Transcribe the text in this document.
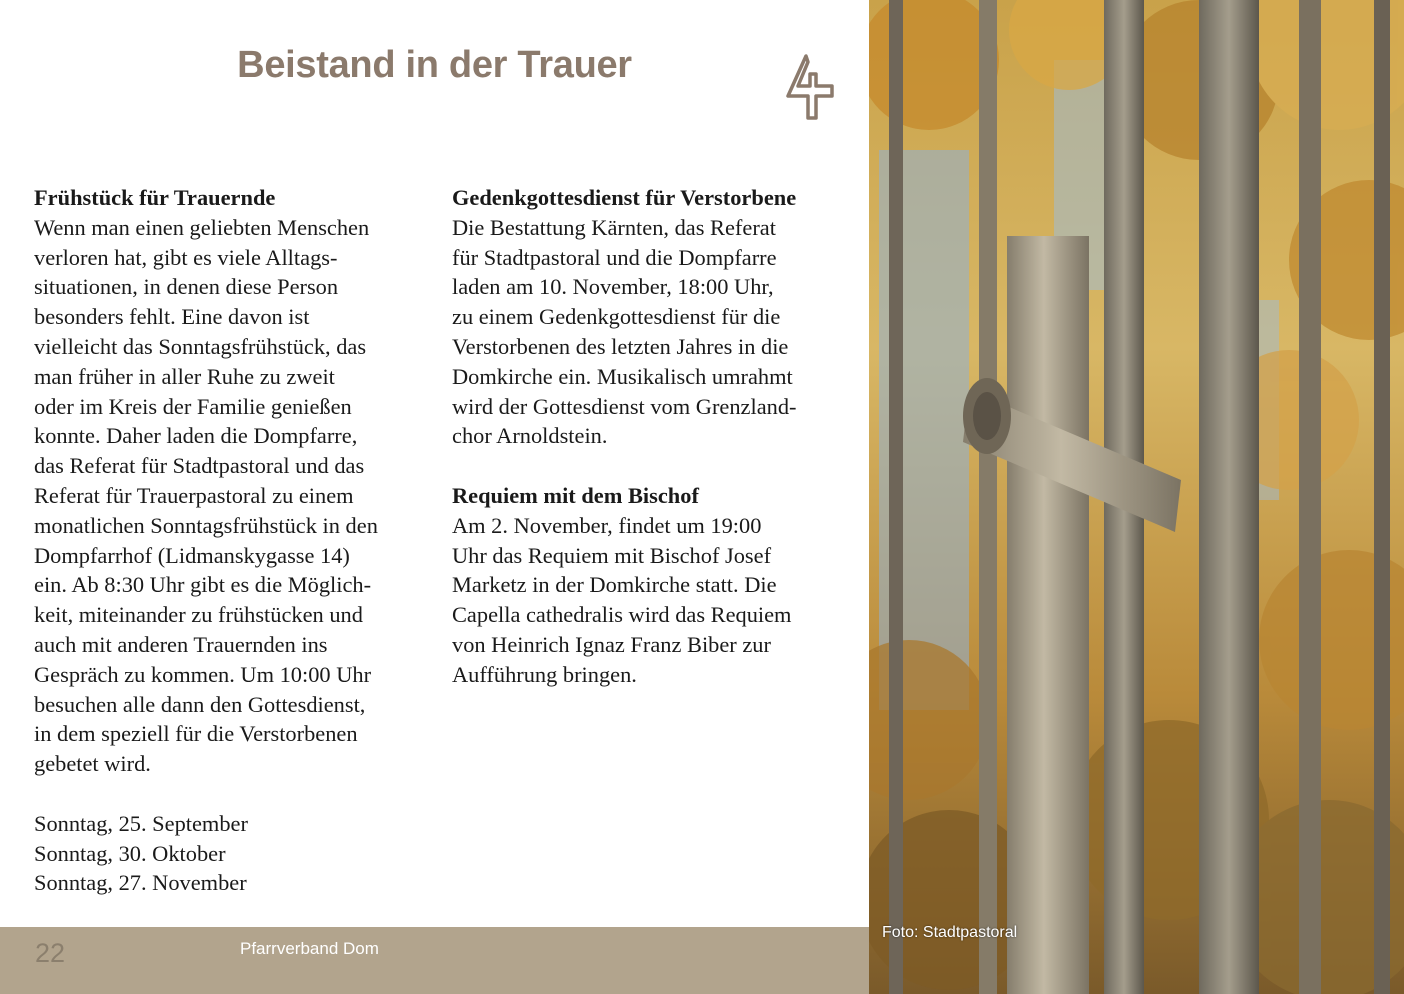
Beistand in der Trauer
Frühstück für Trauernde

Wenn man einen geliebten Menschen
verloren hat, gibt es viele Alltags-
situationen, in denen diese Person
besonders fehlt. Eine davon ist
vielleicht das Sonntagsfrühstück, das
man früher in aller Ruhe zu zweit
oder im Kreis der Familie genießen
konnte. Daher laden die Dompfarre,
das Referat für Stadtpastoral und das
Referat für Trauerpastoral zu einem
monatlichen Sonntagsfrühstück in den
Dompfarrhof (Lidmanskygasse 14)
ein. Ab 8:30 Uhr gibt es die Möglich-
keit, miteinander zu frühstücken und
auch mit anderen Trauernden ins
Gespräch zu kommen. Um 10:00 Uhr
besuchen alle dann den Gottesdienst,
in dem speziell für die Verstorbenen
gebetet wird.

Sonntag, 25. September
Sonntag, 30. Oktober
Sonntag, 27. November

Gedenkgottesdienst für Verstorbene

Die Bestattung Kärnten, das Referat
für Stadtpastoral und die Dompfarre
laden am 10. November, 18:00 Uhr,
zu einem Gedenkgottesdienst für die
Verstorbenen des letzten Jahres in die
Domkirche ein. Musikalisch umrahmt
wird der Gottesdienst vom Grenzland-
chor Arnoldstein.

Requiem mit dem Bischof

Am 2. November, findet um 19:00
Uhr das Requiem mit Bischof Josef
Marketz in der Domkirche statt. Die
Capella cathedralis wird das Requiem
von Heinrich Ignaz Franz Biber zur
Aufführung bringen.

22	Pfarrverband Dom
Foto: Stadtpastoral
